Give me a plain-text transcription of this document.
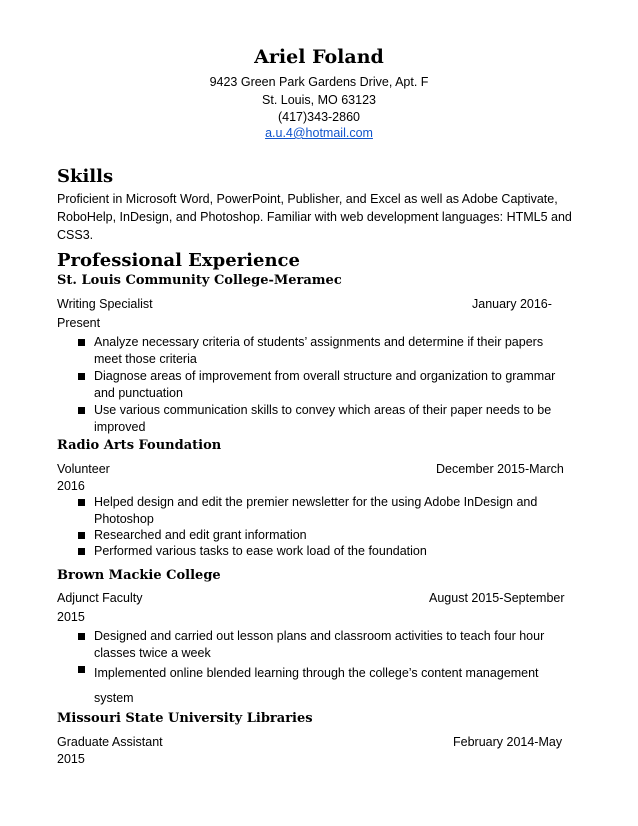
Ariel Foland
9423 Green Park Gardens Drive, Apt. F
St. Louis, MO 63123
(417)343-2860
a.u.4@hotmail.com
Skills
Proficient in Microsoft Word, PowerPoint, Publisher, and Excel as well as Adobe Captivate, RoboHelp, InDesign, and Photoshop. Familiar with web development languages: HTML5 and CSS3.
Professional Experience
St. Louis Community College-Meramec
Writing Specialist	January 2016-
Present
Analyze necessary criteria of students’ assignments and determine if their papers meet those criteria
Diagnose areas of improvement from overall structure and organization to grammar and punctuation
Use various communication skills to convey which areas of their paper needs to be improved
Radio Arts Foundation
Volunteer	December 2015-March
2016
Helped design and edit the premier newsletter for the using Adobe InDesign and Photoshop
Researched and edit grant information
Performed various tasks to ease work load of the foundation
Brown Mackie College
Adjunct Faculty	August 2015-September
2015
Designed and carried out lesson plans and classroom activities to teach four hour classes twice a week
Implemented online blended learning through the college’s content management system
Missouri State University Libraries
Graduate Assistant	February 2014-May
2015
